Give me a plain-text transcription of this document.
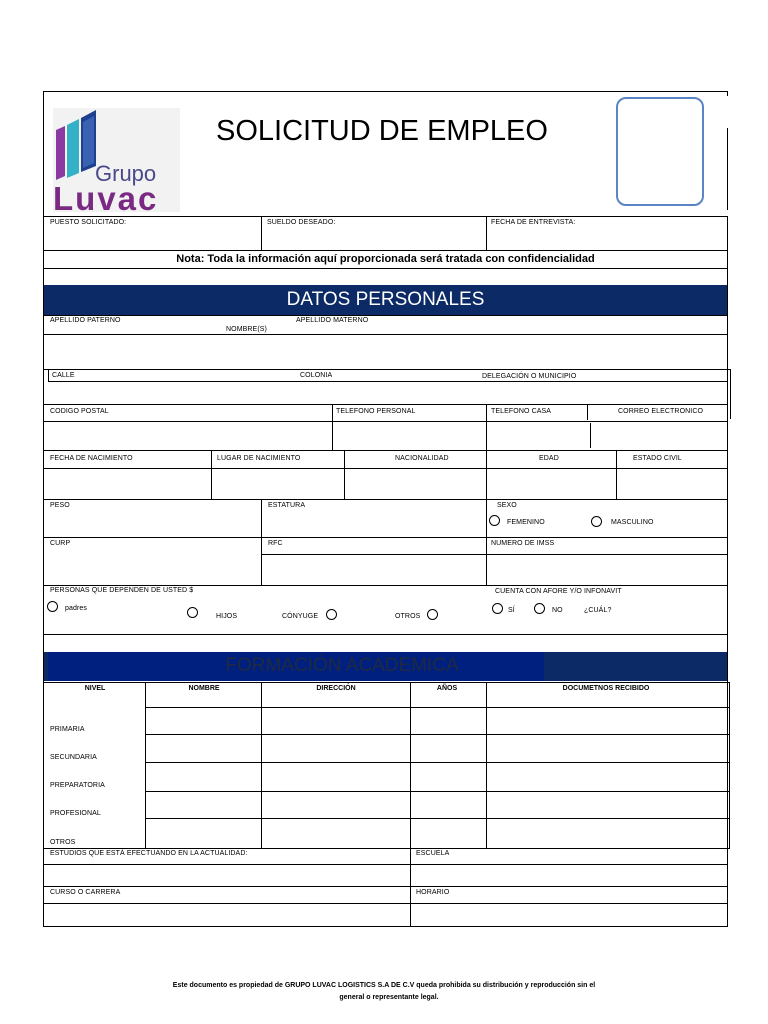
Grupo
Luvac
SOLICITUD DE EMPLEO
PUESTO SOLICITADO:	SUELDO DESEADO:	FECHA DE ENTREVISTA:
Nota: Toda la información aquí proporcionada será tratada con confidencialidad
DATOS PERSONALES
APELLIDO PATERNO	APELLIDO MATERNO
NOMBRE(S)
CALLE	COLONIA	DELEGACIÓN O MUNICIPIO
CODIGO POSTAL	TELEFONO PERSONAL	TELEFONO CASA	CORREO ELECTRONICO
FECHA DE NACIMIENTO	LUGAR DE NACIMIENTO	NACIONALIDAD	EDAD	ESTADO CIVIL
PESO	ESTATURA	SEXO
FEMENINO	MASCULINO
CURP	RFC	NUMERO DE IMSS
PERSONAS QUE DEPENDEN DE USTED $
padres
HIJOS	CÓNYUGE	OTROS
CUENTA CON AFORE Y/O INFONAVIT
SÍ	NO	¿CUÁL?
FORMACIÓN ACADEMICA
NIVEL	NOMBRE	DIRECCIÓN	AÑOS	DOCUMETNOS RECIBIDO
PRIMARIA
SECUNDARIA
PREPARATORIA
PROFESIONAL
OTROS
ESTUDIOS QUE ESTÁ EFECTUANDO EN LA ACTUALIDAD:	ESCUELA
CURSO O CARRERA	HORARIO
Este documento es propiedad de GRUPO LUVAC LOGISTICS S.A DE C.V queda prohibida su distribución y reproducción sin el
general o representante legal.
